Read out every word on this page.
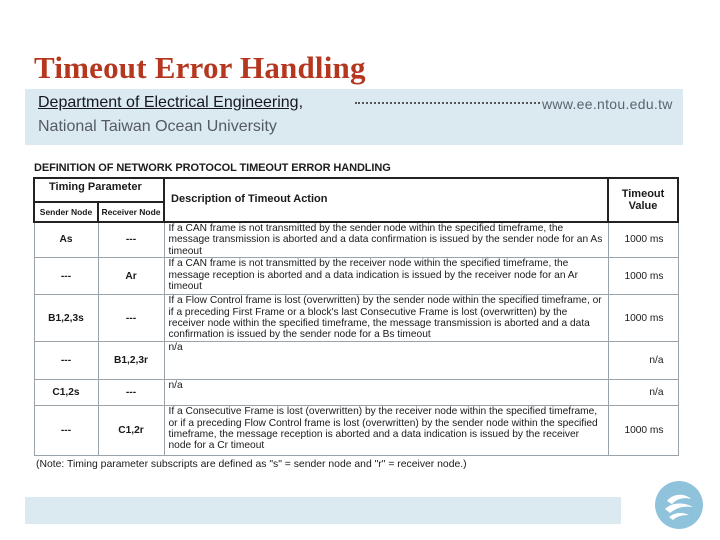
Timeout Error Handling
Department of Electrical Engineering,	www.ee.ntou.edu.tw
National Taiwan Ocean University
DEFINITION OF NETWORK PROTOCOL TIMEOUT ERROR HANDLING
Timing Parameter		Description of Timeout Action	Timeout Value
Sender Node	Receiver Node		
As	---	If a CAN frame is not transmitted by the sender node within the specified timeframe, the message transmission is aborted and a data confirmation is issued by the sender node for an As timeout	1000 ms
---	Ar	If a CAN frame is not transmitted by the receiver node within the specified timeframe, the message reception is aborted and a data indication is issued by the receiver node for an Ar timeout	1000 ms
B1,2,3s	---	If a Flow Control frame is lost (overwritten) by the sender node within the specified timeframe, or if a preceding First Frame or a block's last Consecutive Frame is lost (overwritten) by the receiver node within the specified timeframe, the message transmission is aborted and a data confirmation is issued by the sender node for a Bs timeout	1000 ms
---	B1,2,3r	n/a	n/a
C1,2s	---	n/a	n/a
---	C1,2r	If a Consecutive Frame is lost (overwritten) by the receiver node within the specified timeframe, or if a preceding Flow Control frame is lost (overwritten) by the sender node within the specified timeframe, the message reception is aborted and a data indication is issued by the receiver node for a Cr timeout	1000 ms
(Note: Timing parameter subscripts are defined as "s" = sender node and "r" = receiver node.)
